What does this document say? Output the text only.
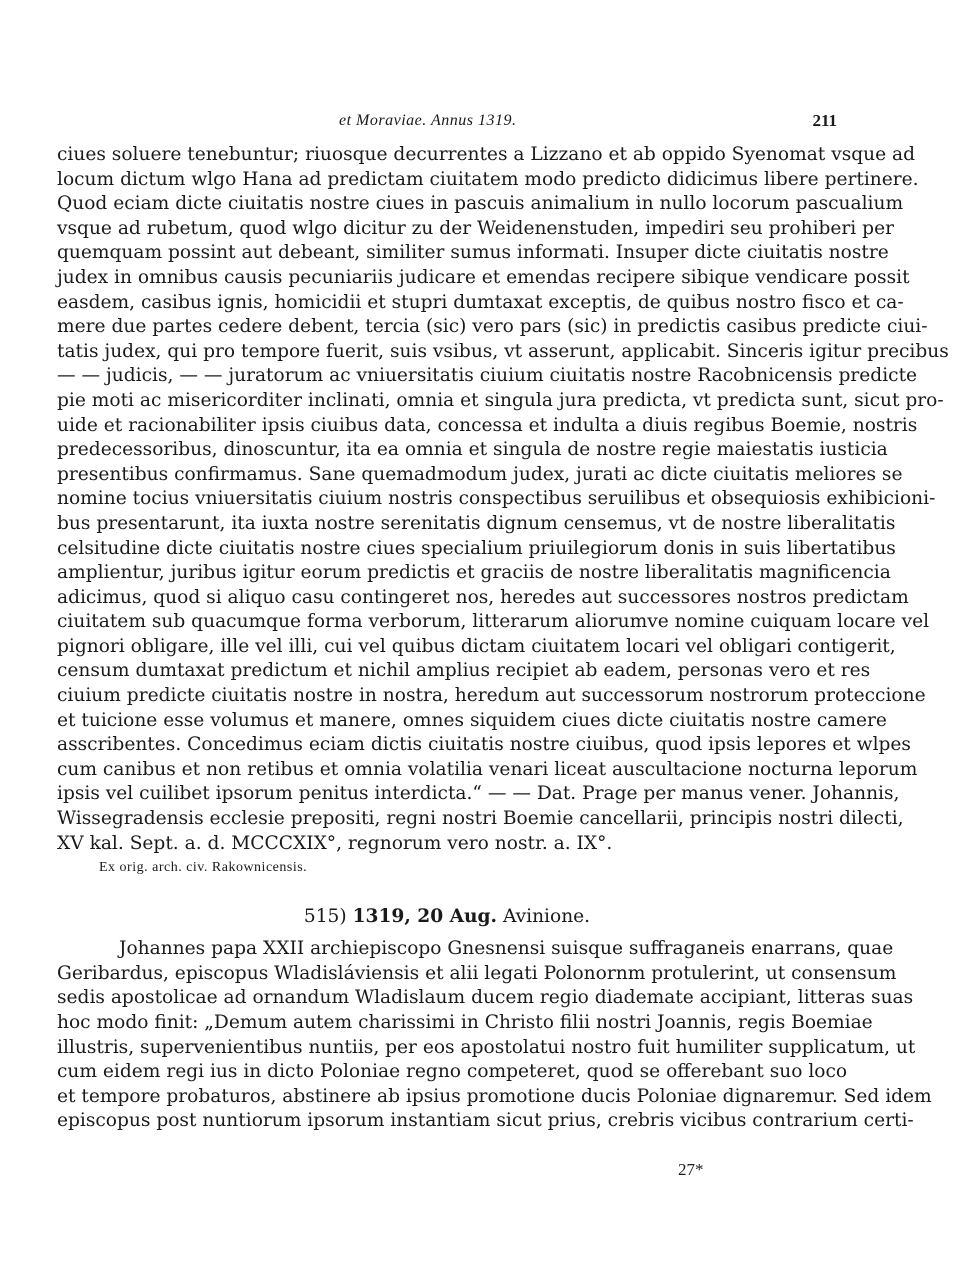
et Moraviae. Annus 1319.	211
ciues soluere tenebuntur; riuosque decurrentes a Lizzano et ab oppido Syenomat vsque ad
locum dictum wlgo Hana ad predictam ciuitatem modo predicto didicimus libere pertinere.
Quod eciam dicte ciuitatis nostre ciues in pascuis animalium in nullo locorum pascualium
vsque ad rubetum, quod wlgo dicitur zu der Weidenenstuden, impediri seu prohiberi per
quemquam possint aut debeant, similiter sumus informati. Insuper dicte ciuitatis nostre
judex in omnibus causis pecuniariis judicare et emendas recipere sibique vendicare possit
easdem, casibus ignis, homicidii et stupri dumtaxat exceptis, de quibus nostro fisco et ca-
mere due partes cedere debent, tercia (sic) vero pars (sic) in predictis casibus predicte ciui-
tatis judex, qui pro tempore fuerit, suis vsibus, vt asserunt, applicabit. Sinceris igitur precibus
— — judicis, — — juratorum ac vniuersitatis ciuium ciuitatis nostre Racobnicensis predicte
pie moti ac misericorditer inclinati, omnia et singula jura predicta, vt predicta sunt, sicut pro-
uide et racionabiliter ipsis ciuibus data, concessa et indulta a diuis regibus Boemie, nostris
predecessoribus, dinoscuntur, ita ea omnia et singula de nostre regie maiestatis iusticia
presentibus confirmamus. Sane quemadmodum judex, jurati ac dicte ciuitatis meliores se
nomine tocius vniuersitatis ciuium nostris conspectibus seruilibus et obsequiosis exhibicioni-
bus presentarunt, ita iuxta nostre serenitatis dignum censemus, vt de nostre liberalitatis
celsitudine dicte ciuitatis nostre ciues specialium priuilegiorum donis in suis libertatibus
amplientur, juribus igitur eorum predictis et graciis de nostre liberalitatis magnificencia
adicimus, quod si aliquo casu contingeret nos, heredes aut successores nostros predictam
ciuitatem sub quacumque forma verborum, litterarum aliorumve nomine cuiquam locare vel
pignori obligare, ille vel illi, cui vel quibus dictam ciuitatem locari vel obligari contigerit,
censum dumtaxat predictum et nichil amplius recipiet ab eadem, personas vero et res
ciuium predicte ciuitatis nostre in nostra, heredum aut successorum nostrorum proteccione
et tuicione esse volumus et manere, omnes siquidem ciues dicte ciuitatis nostre camere
asscribentes. Concedimus eciam dictis ciuitatis nostre ciuibus, quod ipsis lepores et wlpes
cum canibus et non retibus et omnia volatilia venari liceat auscultacione nocturna leporum
ipsis vel cuilibet ipsorum penitus interdicta.“ — — Dat. Prage per manus vener. Johannis,
Wissegradensis ecclesie prepositi, regni nostri Boemie cancellarii, principis nostri dilecti,
XV kal. Sept. a. d. MCCCXIX°, regnorum vero nostr. a. IX°.
Ex orig. arch. civ. Rakownicensis.
515) 1319, 20 Aug. Avinione.
Johannes papa XXII archiepiscopo Gnesnensi suisque suffraganeis enarrans, quae
Geribardus, episcopus Wladisláviensis et alii legati Polonornm protulerint, ut consensum
sedis apostolicae ad ornandum Wladislaum ducem regio diademate accipiant, litteras suas
hoc modo finit: „Demum autem charissimi in Christo filii nostri Joannis, regis Boemiae
illustris, supervenientibus nuntiis, per eos apostolatui nostro fuit humiliter supplicatum, ut
cum eidem regi ius in dicto Poloniae regno competeret, quod se offerebant suo loco
et tempore probaturos, abstinere ab ipsius promotione ducis Poloniae dignaremur. Sed idem
episcopus post nuntiorum ipsorum instantiam sicut prius, crebris vicibus contrarium certi-
27*
